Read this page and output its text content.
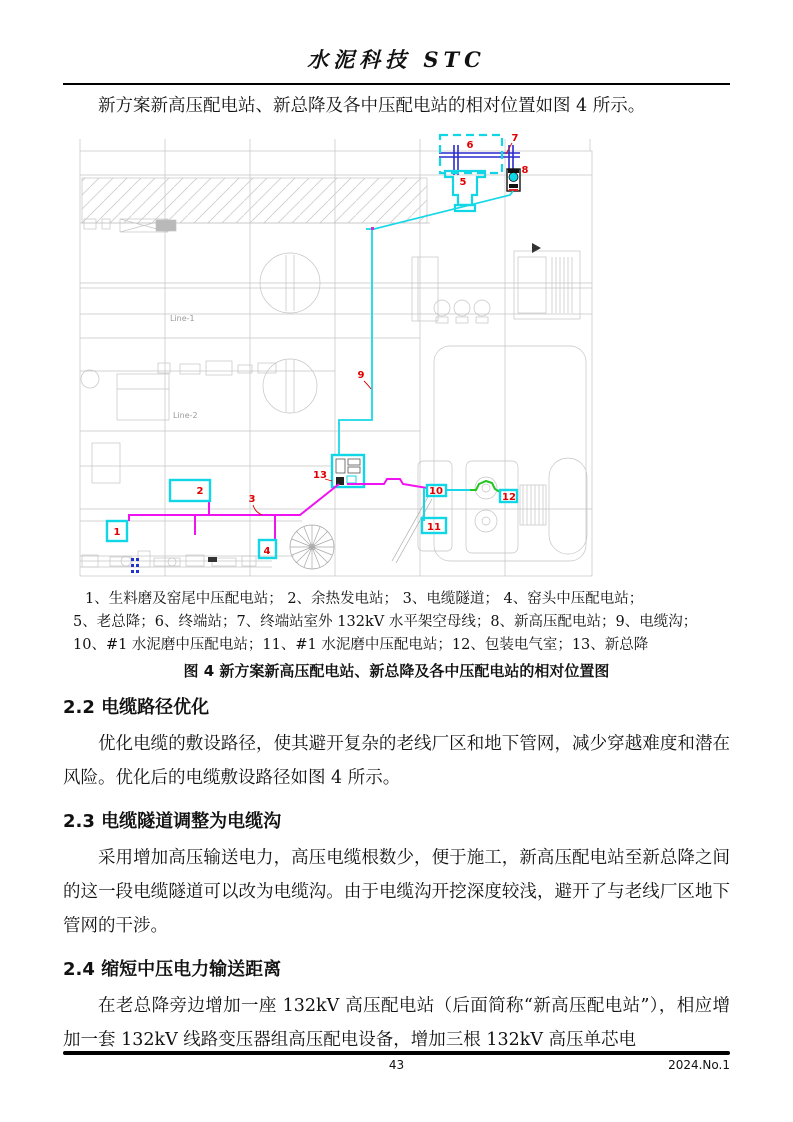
水泥科技 STC

新方案新高压配电站、新总降及各中压配电站的相对位置如图 4 所示。

Line-1
Line-2
1
2
3
4
5
6
7
8
9
10
11
12
13
1、生料磨及窑尾中压配电站； 2、余热发电站； 3、电缆隧道； 4、窑头中压配电站；
5、老总降；6、终端站；7、终端站室外 132kV 水平架空母线；8、新高压配电站；9、电缆沟；
10、#1 水泥磨中压配电站；11、#1 水泥磨中压配电站；12、包装电气室；13、新总降
图 4 新方案新高压配电站、新总降及各中压配电站的相对位置图
2.2 电缆路径优化

优化电缆的敷设路径，使其避开复杂的老线厂区和地下管网，减少穿越难度和潜在风险。优化后的电缆敷设路径如图 4 所示。

2.3 电缆隧道调整为电缆沟

采用增加高压输送电力，高压电缆根数少，便于施工，新高压配电站至新总降之间的这一段电缆隧道可以改为电缆沟。由于电缆沟开挖深度较浅，避开了与老线厂区地下管网的干涉。

2.4 缩短中压电力输送距离

在老总降旁边增加一座 132kV 高压配电站（后面简称“新高压配电站”），相应增加一套 132kV 线路变压器组高压配电设备，增加三根 132kV 高压单芯电

43	2024.No.1
